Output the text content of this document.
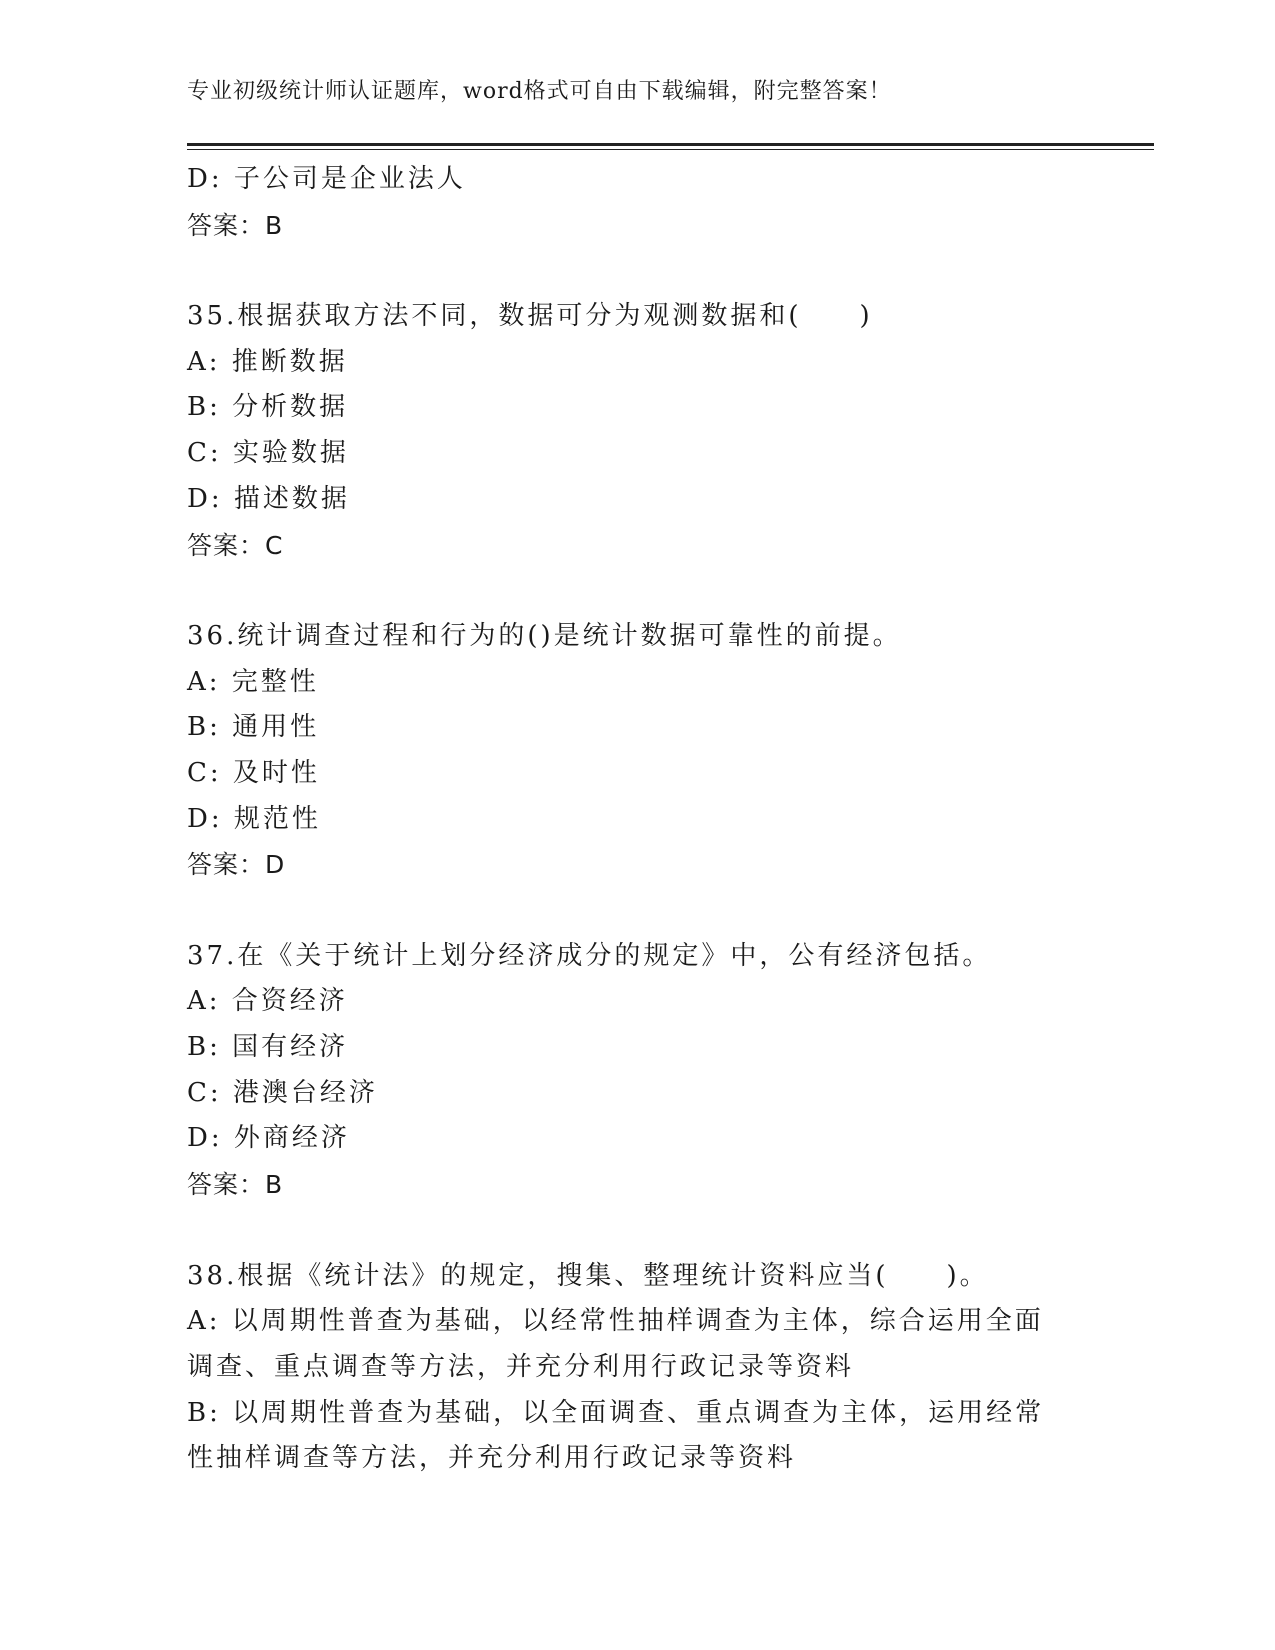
专业初级统计师认证题库，word格式可自由下载编辑，附完整答案！
D: 子公司是企业法人
答案：B
35.根据获取方法不同，数据可分为观测数据和(　　)
A: 推断数据
B: 分析数据
C: 实验数据
D: 描述数据
答案：C
36.统计调查过程和行为的()是统计数据可靠性的前提。
A: 完整性
B: 通用性
C: 及时性
D: 规范性
答案：D
37.在《关于统计上划分经济成分的规定》中，公有经济包括。
A: 合资经济
B: 国有经济
C: 港澳台经济
D: 外商经济
答案：B
38.根据《统计法》的规定，搜集、整理统计资料应当(　　)。
A: 以周期性普查为基础，以经常性抽样调查为主体，综合运用全面调查、重点调查等方法，并充分利用行政记录等资料
B: 以周期性普查为基础，以全面调查、重点调查为主体，运用经常性抽样调查等方法，并充分利用行政记录等资料
